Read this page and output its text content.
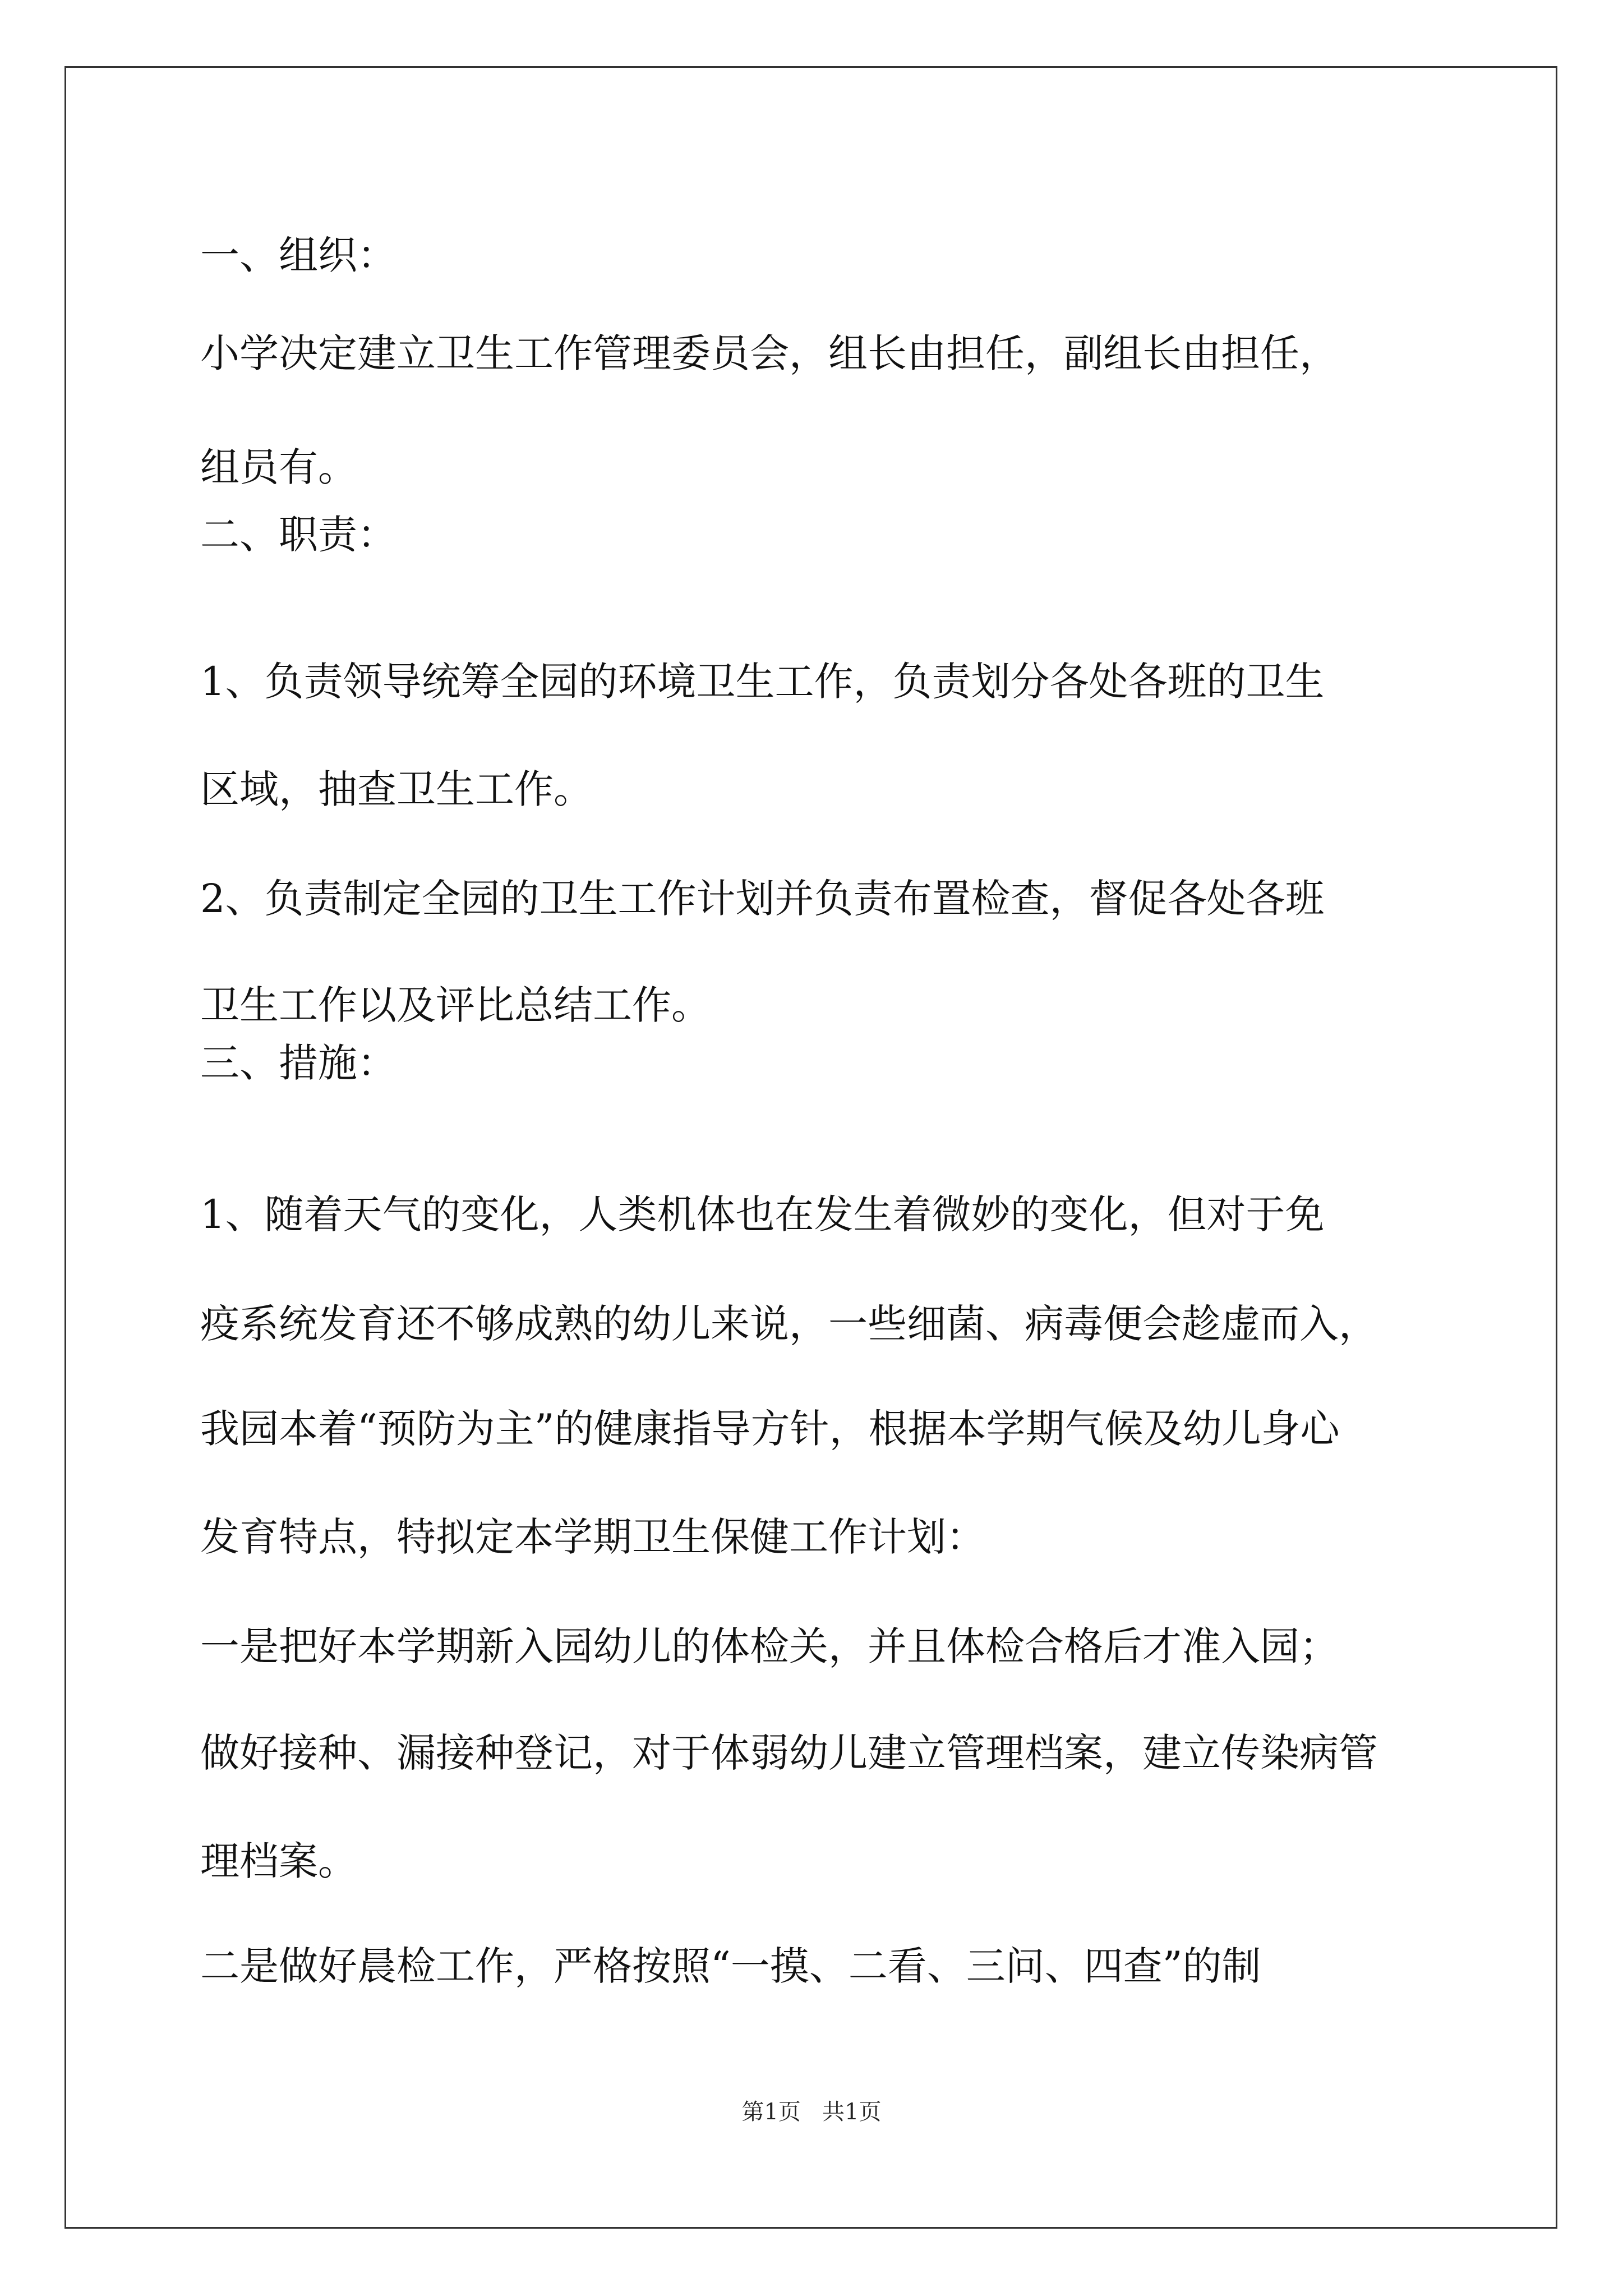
一、组织：
小学决定建立卫生工作管理委员会，组长由担任，副组长由担任，
组员有。
二、职责：
1、负责领导统筹全园的环境卫生工作，负责划分各处各班的卫生
区域，抽查卫生工作。
2、负责制定全园的卫生工作计划并负责布置检查，督促各处各班
卫生工作以及评比总结工作。
三、措施：
1、随着天气的变化，人类机体也在发生着微妙的变化，但对于免
疫系统发育还不够成熟的幼儿来说，一些细菌、病毒便会趁虚而入，
我园本着“预防为主”的健康指导方针，根据本学期气候及幼儿身心
发育特点，特拟定本学期卫生保健工作计划：
一是把好本学期新入园幼儿的体检关，并且体检合格后才准入园；
做好接种、漏接种登记，对于体弱幼儿建立管理档案，建立传染病管
理档案。
二是做好晨检工作，严格按照“一摸、二看、三问、四查”的制
第1页   共1页
